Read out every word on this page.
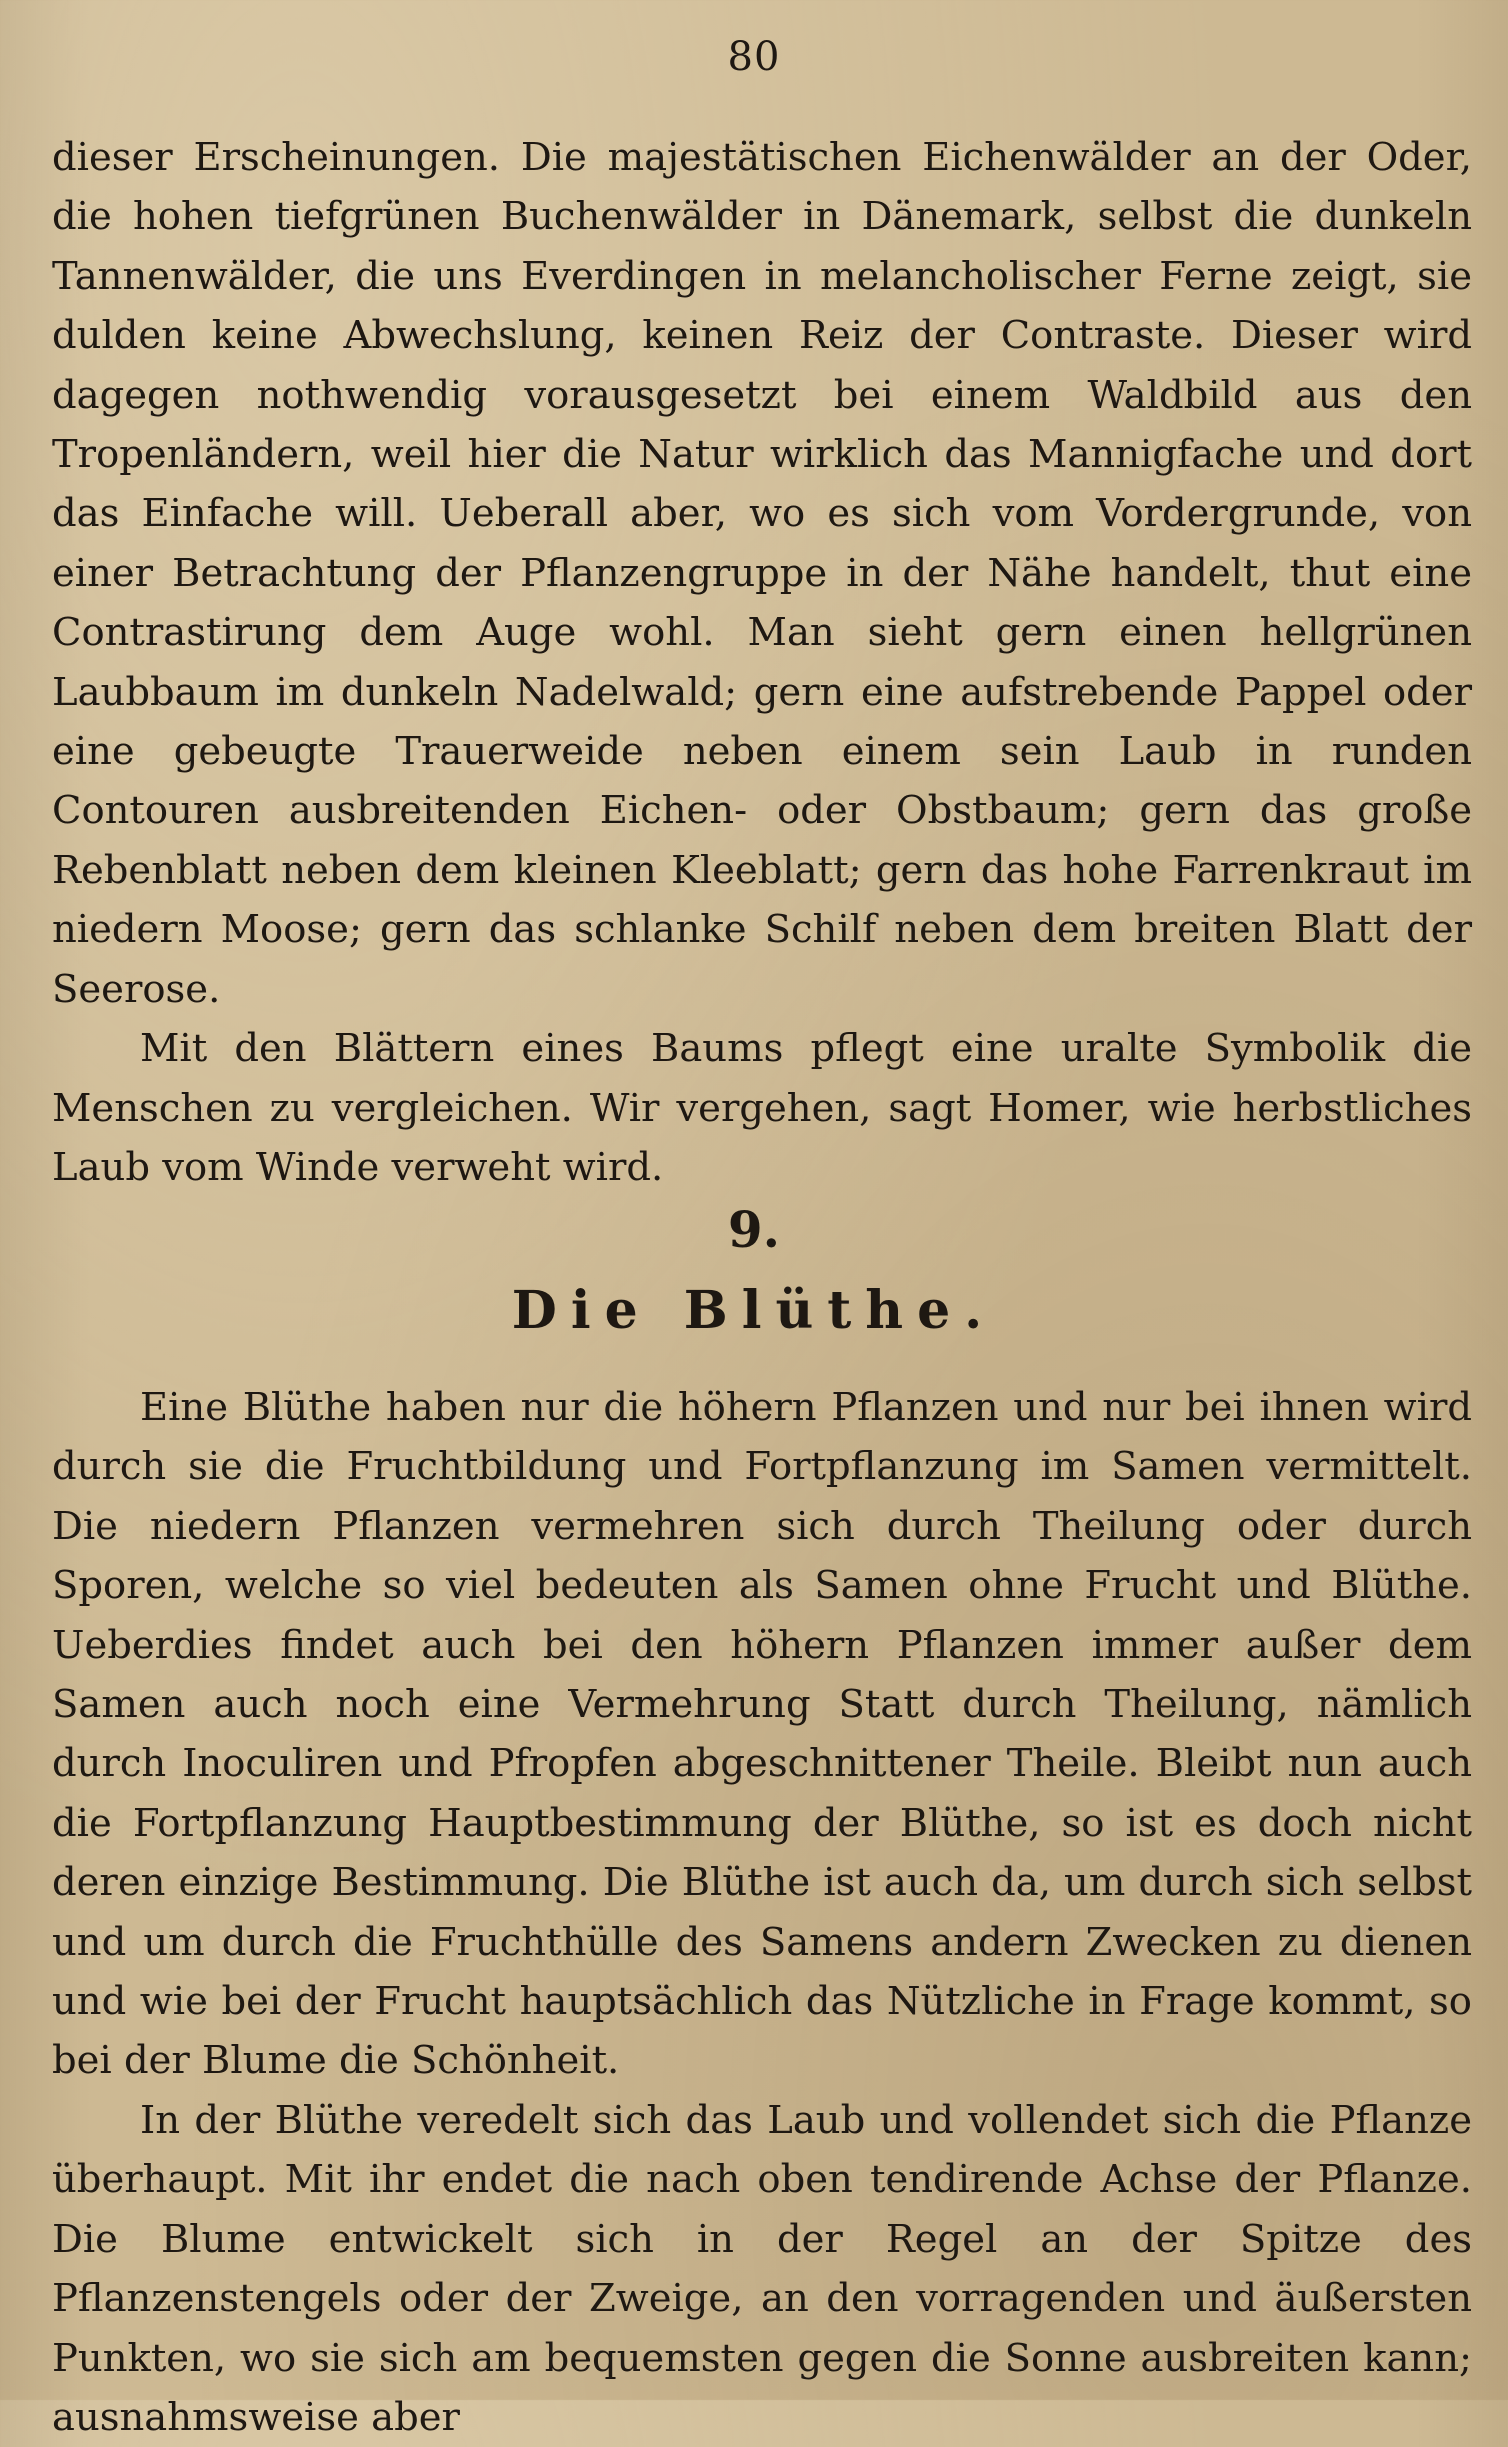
80

dieser Erscheinungen. Die majestätischen Eichenwälder an der Oder, die hohen tiefgrünen Buchenwälder in Dänemark, selbst die dunkeln Tannenwälder, die uns Everdingen in melancholischer Ferne zeigt, sie dulden keine Abwechslung, keinen Reiz der Contraste. Dieser wird dagegen nothwendig vorausgesetzt bei einem Waldbild aus den Tropenländern, weil hier die Natur wirklich das Mannigfache und dort das Einfache will. Ueberall aber, wo es sich vom Vordergrunde, von einer Betrachtung der Pflanzengruppe in der Nähe handelt, thut eine Contrastirung dem Auge wohl. Man sieht gern einen hellgrünen Laubbaum im dunkeln Nadelwald; gern eine aufstrebende Pappel oder eine gebeugte Trauerweide neben einem sein Laub in runden Contouren ausbreitenden Eichen- oder Obstbaum; gern das große Rebenblatt neben dem kleinen Kleeblatt; gern das hohe Farrenkraut im niedern Moose; gern das schlanke Schilf neben dem breiten Blatt der Seerose.

Mit den Blättern eines Baums pflegt eine uralte Symbolik die Menschen zu vergleichen. Wir vergehen, sagt Homer, wie herbstliches Laub vom Winde verweht wird.

9.
Die Blüthe.

Eine Blüthe haben nur die höhern Pflanzen und nur bei ihnen wird durch sie die Fruchtbildung und Fortpflanzung im Samen vermittelt. Die niedern Pflanzen vermehren sich durch Theilung oder durch Sporen, welche so viel bedeuten als Samen ohne Frucht und Blüthe. Ueberdies findet auch bei den höhern Pflanzen immer außer dem Samen auch noch eine Vermehrung Statt durch Theilung, nämlich durch Inoculiren und Pfropfen abgeschnittener Theile. Bleibt nun auch die Fortpflanzung Hauptbestimmung der Blüthe, so ist es doch nicht deren einzige Bestimmung. Die Blüthe ist auch da, um durch sich selbst und um durch die Fruchthülle des Samens andern Zwecken zu dienen und wie bei der Frucht hauptsächlich das Nützliche in Frage kommt, so bei der Blume die Schönheit.

In der Blüthe veredelt sich das Laub und vollendet sich die Pflanze überhaupt. Mit ihr endet die nach oben tendirende Achse der Pflanze. Die Blume entwickelt sich in der Regel an der Spitze des Pflanzenstengels oder der Zweige, an den vorragenden und äußersten Punkten, wo sie sich am bequemsten gegen die Sonne ausbreiten kann; ausnahmsweise aber
